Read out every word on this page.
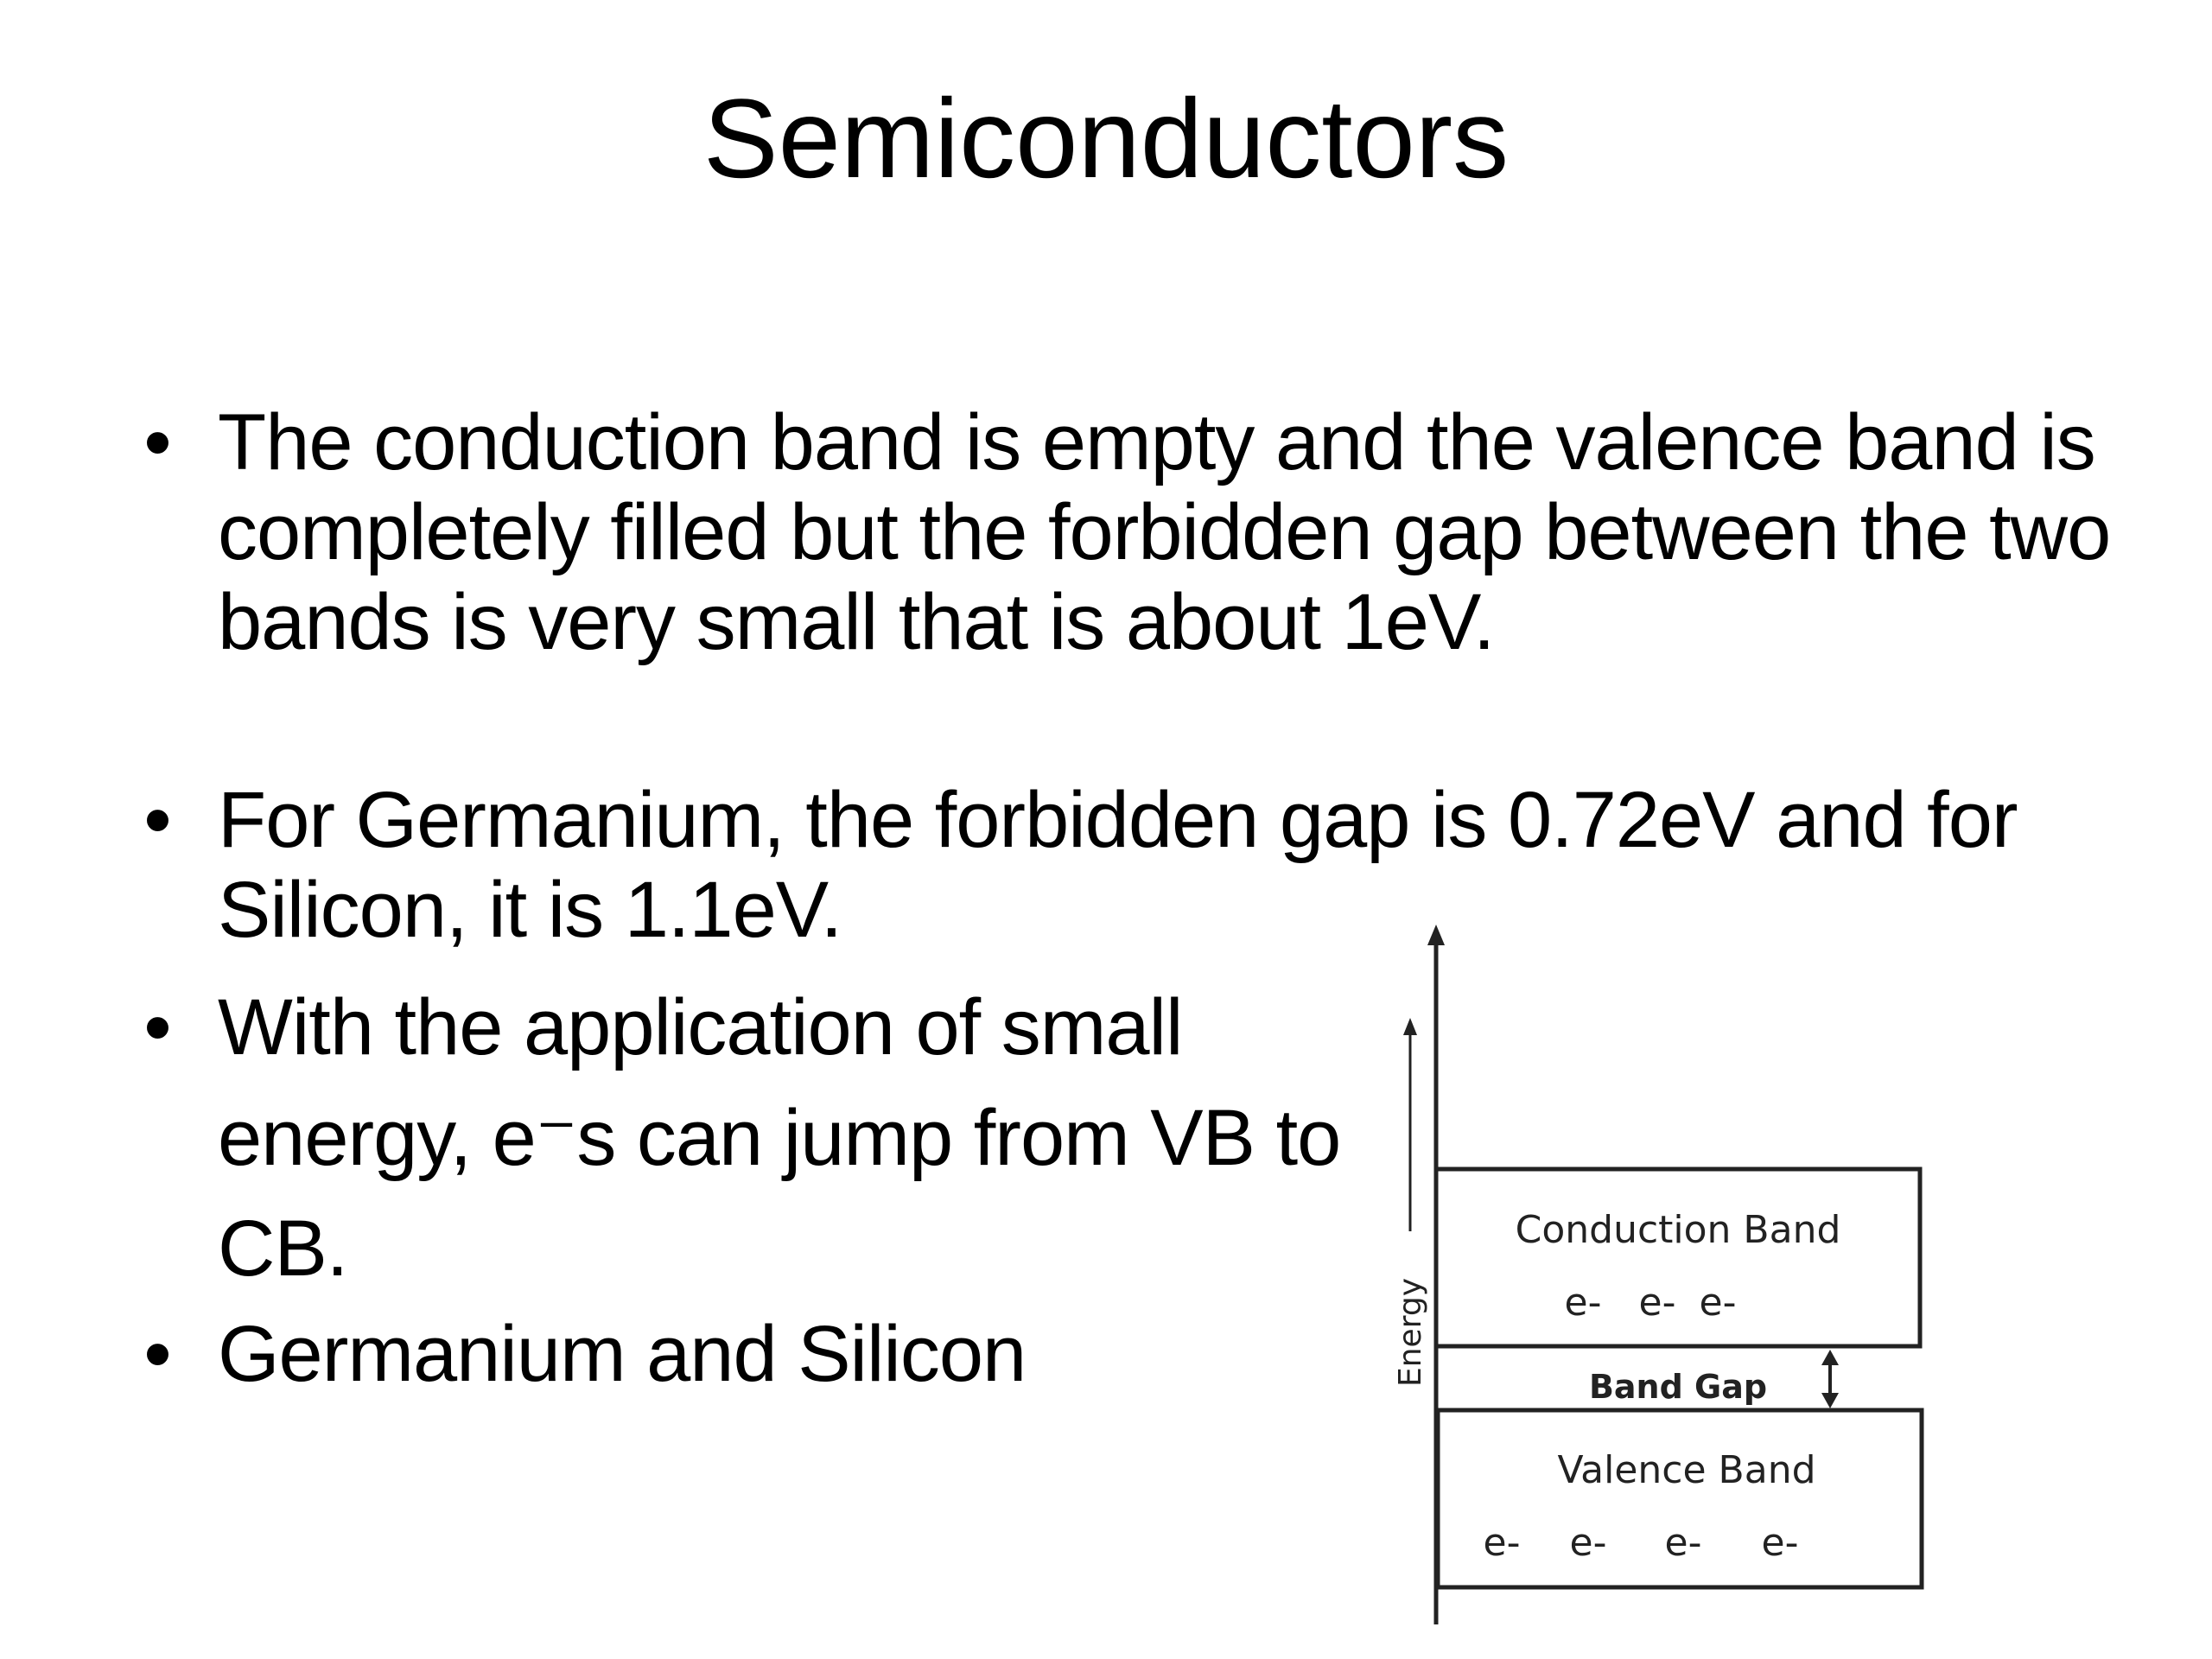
Semiconductors
• The conduction band is empty and the valence band is completely filled but the forbidden gap between the two bands is very small that is about 1eV.
• For Germanium, the forbidden gap is 0.72eV and for Silicon, it is 1.1eV.
• With the application of small energy, e⁻s can jump from VB to CB.
• Germanium and Silicon	Energy
Conduction Band
e- e- e-
Band Gap
Valence Band
e- e- e- e-
